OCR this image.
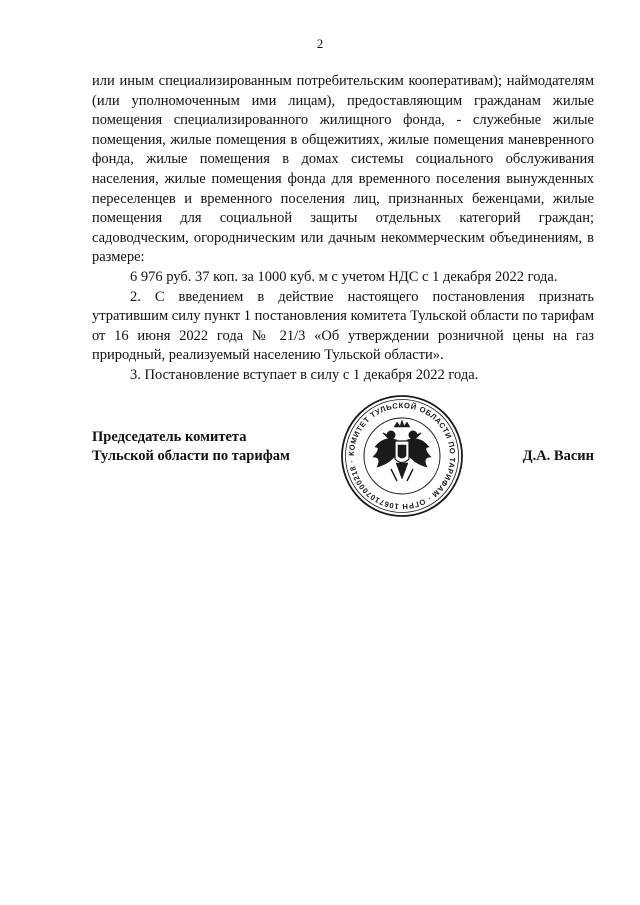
2

или иным специализированным потребительским кооперативам); наймодателям (или уполномоченным ими лицам), предоставляющим гражданам жилые помещения специализированного жилищного фонда, - служебные жилые помещения, жилые помещения в общежитиях, жилые помещения маневренного фонда, жилые помещения в домах системы социального обслуживания населения, жилые помещения фонда для временного поселения вынужденных переселенцев и временного поселения лиц, признанных беженцами, жилые помещения для социальной защиты отдельных категорий граждан; садоводческим, огородническим или дачным некоммерческим объединениям, в размере:

6 976 руб. 37 коп. за 1000 куб. м с учетом НДС с 1 декабря 2022 года.

2. С введением в действие настоящего постановления признать утратившим силу пункт 1 постановления комитета Тульской области по тарифам от 16 июня 2022 года № 21/3 «Об утверждении розничной цены на газ природный, реализуемый населению Тульской области».

3. Постановление вступает в силу с 1 декабря 2022 года.

Председатель комитета
Тульской области по тарифам	Д.А. Васин
КОМИТЕТ ТУЛЬСКОЙ ОБЛАСТИ ПО ТАРИФАМ · ОГРН 1067107000218 ·
